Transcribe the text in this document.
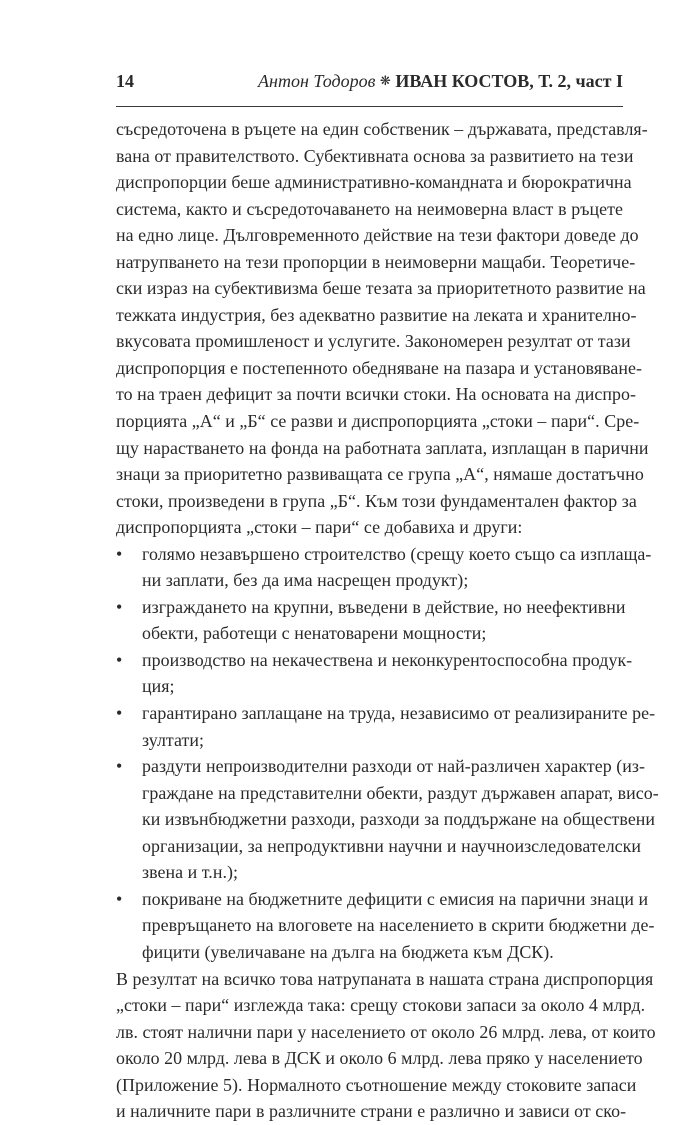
14	Антон Тодоров ❋ ИВАН КОСТОВ, Т. 2, част I
съсредоточена в ръцете на един собственик – държавата, представля-
вана от правителството. Субективната основа за развитието на тези
диспропорции беше административно-командната и бюрократична
система, както и съсредоточаването на неимоверна власт в ръцете
на едно лице. Дълговременното действие на тези фактори доведе до
натрупването на тези пропорции в неимоверни мащаби. Теоретиче-
ски израз на субективизма беше тезата за приоритетното развитие на
тежката индустрия, без адекватно развитие на леката и хранително-
вкусовата промишленост и услугите. Закономерен резултат от тази
диспропорция е постепенното обедняване на пазара и установяване-
то на траен дефицит за почти всички стоки. На основата на диспро-
порцията „А“ и „Б“ се разви и диспропорцията „стоки – пари“. Сре-
щу нарастването на фонда на работната заплата, изплащан в парични
знаци за приоритетно развиващата се група „А“, нямаше достатъчно
стоки, произведени в група „Б“. Към този фундаментален фактор за
диспропорцията „стоки – пари“ се добавиха и други:
•	голямо незавършено строителство (срещу което също са изплаща-
ни заплати, без да има насрещен продукт);
•	изграждането на крупни, въведени в действие, но неефективни
обекти, работещи с ненатоварени мощности;
•	производство на некачествена и неконкурентоспособна продук-
ция;
•	гарантирано заплащане на труда, независимо от реализираните ре-
зултати;
•	раздути непроизводителни разходи от най-различен характер (из-
граждане на представителни обекти, раздут държавен апарат, висо-
ки извънбюджетни разходи, разходи за поддържане на обществени
организации, за непродуктивни научни и научноизследователски
звена и т.н.);
•	покриване на бюджетните дефицити с емисия на парични знаци и
превръщането на влоговете на населението в скрити бюджетни де-
фицити (увеличаване на дълга на бюджета към ДСК).
В резултат на всичко това натрупаната в нашата страна диспропорция
„стоки – пари“ изглежда така: срещу стокови запаси за около 4 млрд.
лв. стоят налични пари у населението от около 26 млрд. лева, от които
около 20 млрд. лева в ДСК и около 6 млрд. лева пряко у населението
(Приложение 5). Нормалното съотношение между стоковите запаси
и наличните пари в различните страни е различно и зависи от ско-
